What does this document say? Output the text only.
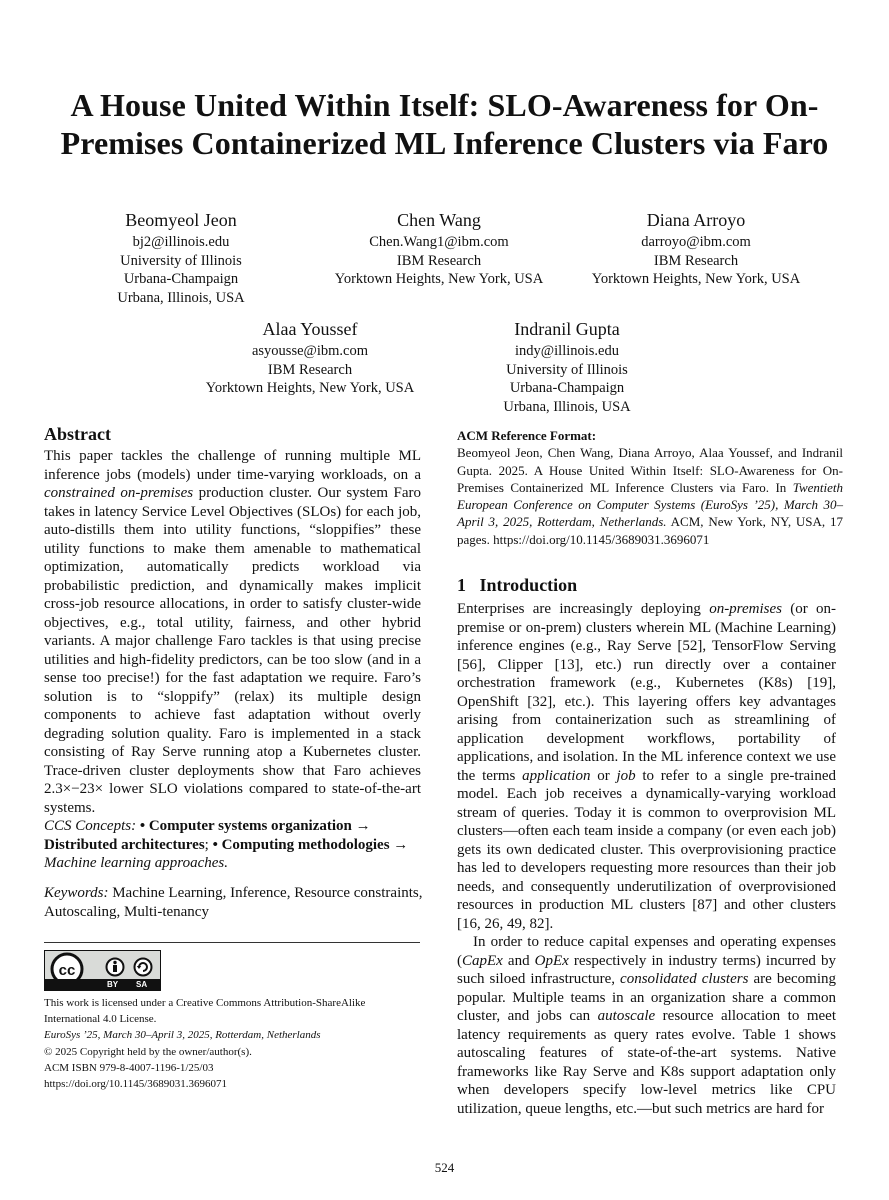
A House United Within Itself: SLO-Awareness for On-Premises Containerized ML Inference Clusters via Faro
Beomyeol Jeon
bj2@illinois.edu
University of Illinois
Urbana-Champaign
Urbana, Illinois, USA
Chen Wang
Chen.Wang1@ibm.com
IBM Research
Yorktown Heights, New York, USA
Diana Arroyo
darroyo@ibm.com
IBM Research
Yorktown Heights, New York, USA
Alaa Youssef
asyousse@ibm.com
IBM Research
Yorktown Heights, New York, USA
Indranil Gupta
indy@illinois.edu
University of Illinois
Urbana-Champaign
Urbana, Illinois, USA
Abstract

This paper tackles the challenge of running multiple ML inference jobs (models) under time-varying workloads, on a constrained on-premises production cluster. Our system Faro takes in latency Service Level Objectives (SLOs) for each job, auto-distills them into utility functions, “sloppifies” these utility functions to make them amenable to mathematical optimization, automatically predicts workload via probabilistic prediction, and dynamically makes implicit cross-job resource allocations, in order to satisfy cluster-wide objectives, e.g., total utility, fairness, and other hybrid variants. A major challenge Faro tackles is that using precise utilities and high-fidelity predictors, can be too slow (and in a sense too precise!) for the fast adaptation we require. Faro’s solution is to “sloppify” (relax) its multiple design components to achieve fast adaptation without overly degrading solution quality. Faro is implemented in a stack consisting of Ray Serve running atop a Kubernetes cluster. Trace-driven cluster deployments show that Faro achieves 2.3×−23× lower SLO violations compared to state-of-the-art systems.

CCS Concepts: • Computer systems organization → Distributed architectures; • Computing methodologies → Machine learning approaches.
Keywords: Machine Learning, Inference, Resource constraints, Autoscaling, Multi-tenancy
cc
BY SA
This work is licensed under a Creative Commons Attribution-ShareAlike
International 4.0 License.
EuroSys ’25, March 30–April 3, 2025, Rotterdam, Netherlands
© 2025 Copyright held by the owner/author(s).
ACM ISBN 979-8-4007-1196-1/25/03
https://doi.org/10.1145/3689031.3696071
ACM Reference Format:
Beomyeol Jeon, Chen Wang, Diana Arroyo, Alaa Youssef, and Indranil Gupta. 2025. A House United Within Itself: SLO-Awareness for On-Premises Containerized ML Inference Clusters via Faro. In Twentieth European Conference on Computer Systems (EuroSys ’25), March 30–April 3, 2025, Rotterdam, Netherlands. ACM, New York, NY, USA, 17 pages. https://doi.org/10.1145/3689031.3696071
1   Introduction

Enterprises are increasingly deploying on-premises (or on-premise or on-prem) clusters wherein ML (Machine Learning) inference engines (e.g., Ray Serve [52], TensorFlow Serving [56], Clipper [13], etc.) run directly over a container orchestration framework (e.g., Kubernetes (K8s) [19], OpenShift [32], etc.). This layering offers key advantages arising from containerization such as streamlining of application development workflows, portability of applications, and isolation. In the ML inference context we use the terms application or job to refer to a single pre-trained model. Each job receives a dynamically-varying workload stream of queries. Today it is common to overprovision ML clusters—often each team inside a company (or even each job) gets its own dedicated cluster. This overprovisioning practice has led to developers requesting more resources than their job needs, and consequently underutilization of overprovisioned resources in production ML clusters [87] and other clusters [16, 26, 49, 82].

In order to reduce capital expenses and operating expenses (CapEx and OpEx respectively in industry terms) incurred by such siloed infrastructure, consolidated clusters are becoming popular. Multiple teams in an organization share a common cluster, and jobs can autoscale resource allocation to meet latency requirements as query rates evolve. Table 1 shows autoscaling features of state-of-the-art systems. Native frameworks like Ray Serve and K8s support adaptation only when developers specify low-level metrics like CPU utilization, queue lengths, etc.—but such metrics are hard for

524
